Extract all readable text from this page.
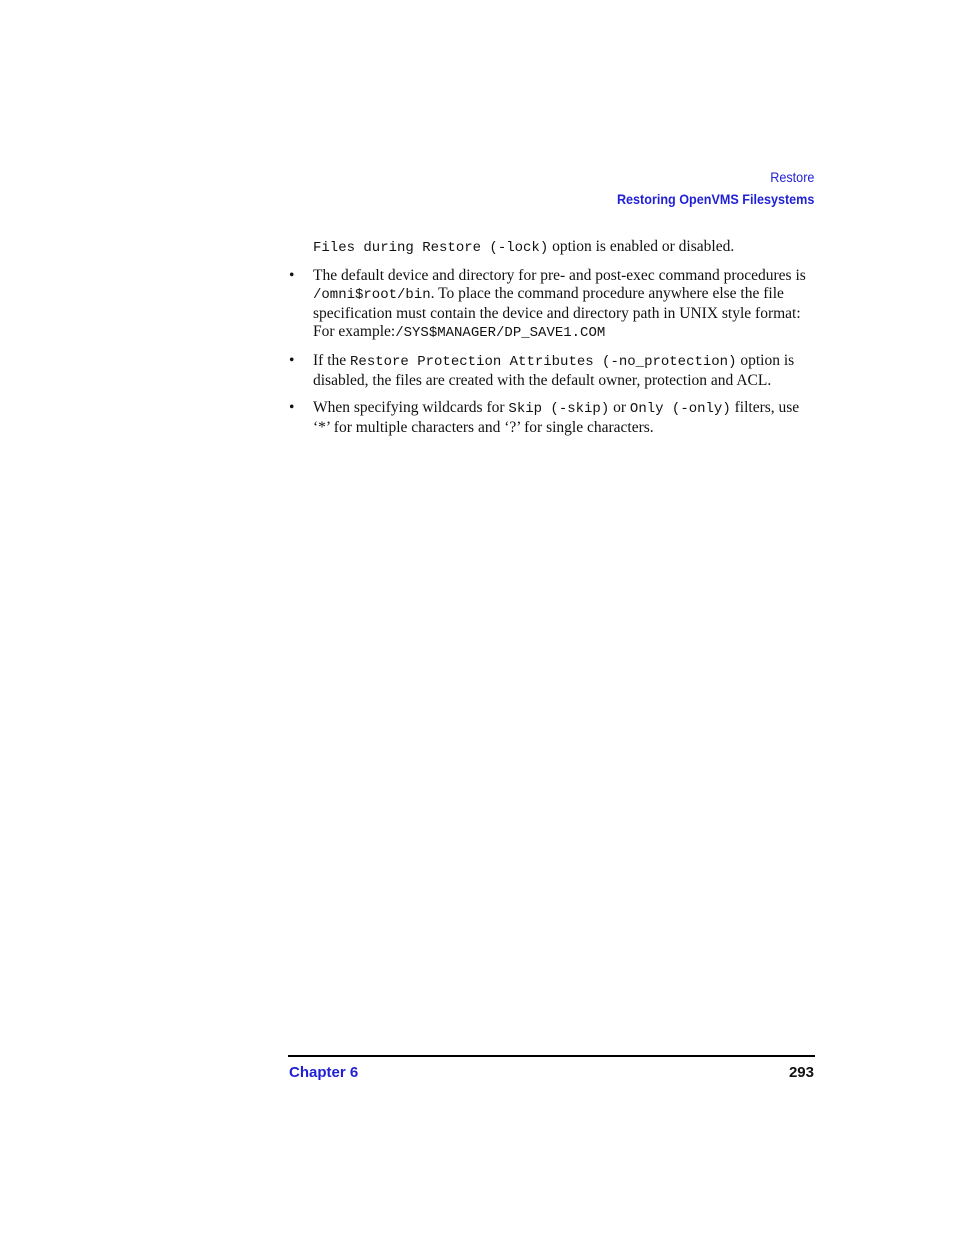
Restore
Restoring OpenVMS Filesystems
Files during Restore (-lock) option is enabled or disabled.
•	The default device and directory for pre- and post-exec command procedures is /omni$root/bin. To place the command procedure anywhere else the file specification must contain the device and directory path in UNIX style format: For example:/SYS$MANAGER/DP_SAVE1.COM
•	If the Restore Protection Attributes (-no_protection) option is disabled, the files are created with the default owner, protection and ACL.
•	When specifying wildcards for Skip (-skip) or Only (-only) filters, use ‘*’ for multiple characters and ‘?’ for single characters.
Chapter 6	293
